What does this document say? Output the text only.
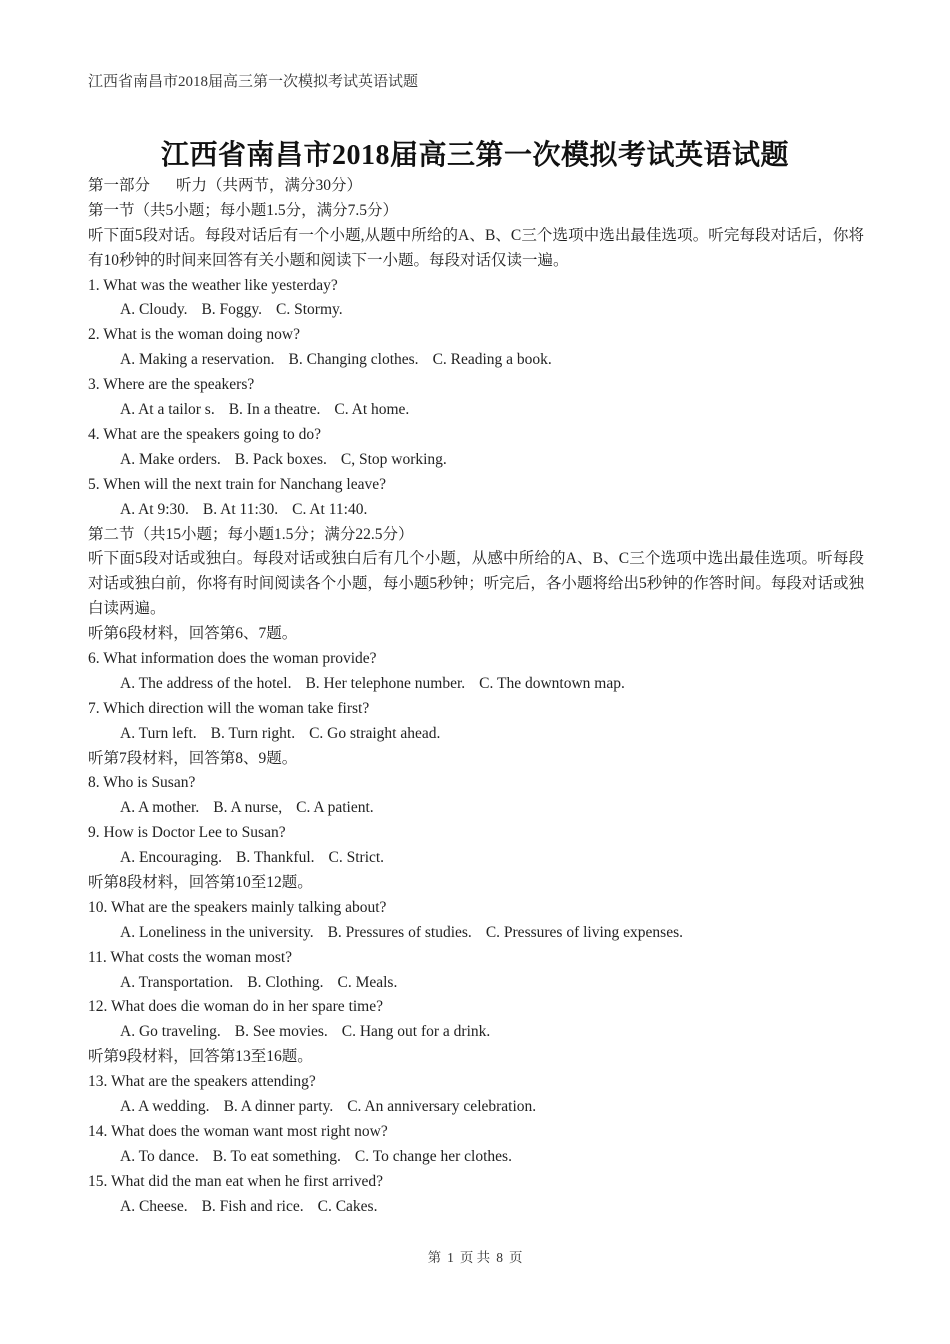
江西省南昌市2018届高三第一次模拟考试英语试题
江西省南昌市2018届高三第一次模拟考试英语试题
第一部分 听力（共两节，满分30分）
第一节（共5小题；每小题1.5分，满分7.5分）
听下面5段对话。每段对话后有一个小题,从题中所给的A、B、C三个选项中选出最佳选项。听完每段对话后，你将有10秒钟的时间来回答有关小题和阅读下一小题。每段对话仅读一遍。
1. What was the weather like yesterday?
A. Cloudy. B. Foggy. C. Stormy.
2. What is the woman doing now?
A. Making a reservation. B. Changing clothes. C. Reading a book.
3. Where are the speakers?
A. At a tailor s. B. In a theatre. C. At home.
4. What are the speakers going to do?
A. Make orders. B. Pack boxes. C, Stop working.
5. When will the next train for Nanchang leave?
A. At 9:30. B. At 11:30. C. At 11:40.
第二节（共15小题；每小题1.5分；满分22.5分）
听下面5段对话或独白。每段对话或独白后有几个小题，从感中所给的A、B、C三个选项中选出最佳选项。听每段对话或独白前，你将有时间阅读各个小题，每小题5秒钟；听完后，各小题将给出5秒钟的作答时间。每段对话或独白读两遍。
听第6段材料，回答第6、7题。
6. What information does the woman provide?
A. The address of the hotel. B. Her telephone number. C. The downtown map.
7. Which direction will the woman take first?
A. Turn left. B. Turn right. C. Go straight ahead.
听第7段材料，回答第8、9题。
8. Who is Susan?
A. A mother. B. A nurse, C. A patient.
9. How is Doctor Lee to Susan?
A. Encouraging. B. Thankful. C. Strict.
听第8段材料，回答第10至12题。
10. What are the speakers mainly talking about?
A. Loneliness in the university. B. Pressures of studies. C. Pressures of living expenses.
11. What costs the woman most?
A. Transportation. B. Clothing. C. Meals.
12. What does die woman do in her spare time?
A. Go traveling. B. See movies. C. Hang out for a drink.
听第9段材料，回答第13至16题。
13. What are the speakers attending?
A. A wedding. B. A dinner party. C. An anniversary celebration.
14. What does the woman want most right now?
A. To dance. B. To eat something. C. To change her clothes.
15. What did the man eat when he first arrived?
A. Cheese. B. Fish and rice. C. Cakes.
第 1 页 共 8 页
